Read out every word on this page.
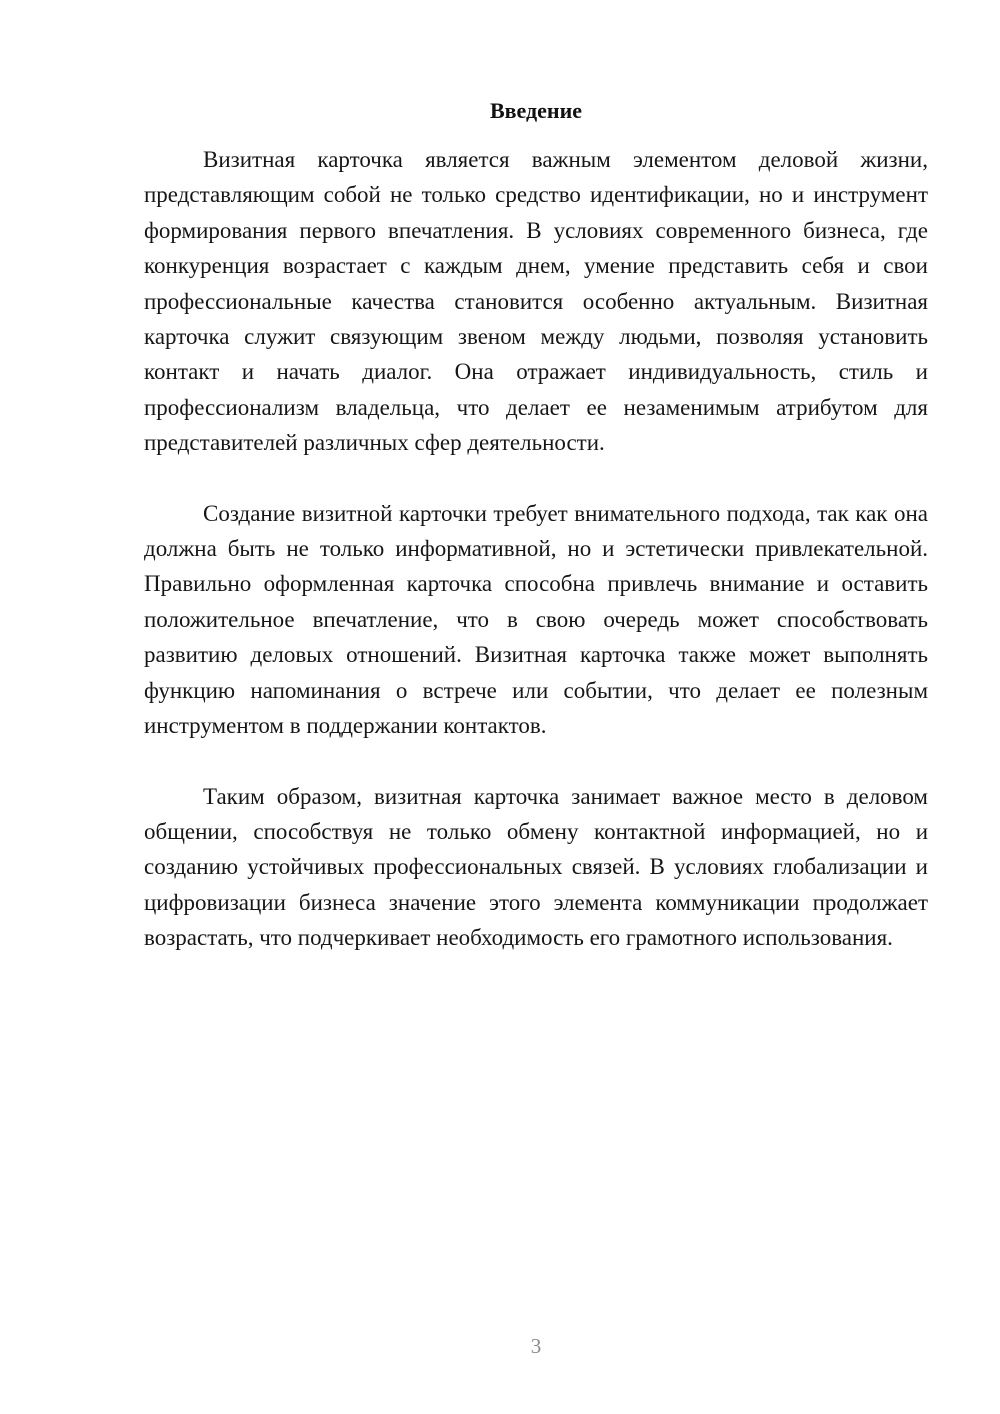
Введение

Визитная карточка является важным элементом деловой жизни, представляющим собой не только средство идентификации, но и инструмент формирования первого впечатления. В условиях современного бизнеса, где конкуренция возрастает с каждым днем, умение представить себя и свои профессиональные качества становится особенно актуальным. Визитная карточка служит связующим звеном между людьми, позволяя установить контакт и начать диалог. Она отражает индивидуальность, стиль и профессионализм владельца, что делает ее незаменимым атрибутом для представителей различных сфер деятельности.

Создание визитной карточки требует внимательного подхода, так как она должна быть не только информативной, но и эстетически привлекательной. Правильно оформленная карточка способна привлечь внимание и оставить положительное впечатление, что в свою очередь может способствовать развитию деловых отношений. Визитная карточка также может выполнять функцию напоминания о встрече или событии, что делает ее полезным инструментом в поддержании контактов.

Таким образом, визитная карточка занимает важное место в деловом общении, способствуя не только обмену контактной информацией, но и созданию устойчивых профессиональных связей. В условиях глобализации и цифровизации бизнеса значение этого элемента коммуникации продолжает возрастать, что подчеркивает необходимость его грамотного использования.

3
